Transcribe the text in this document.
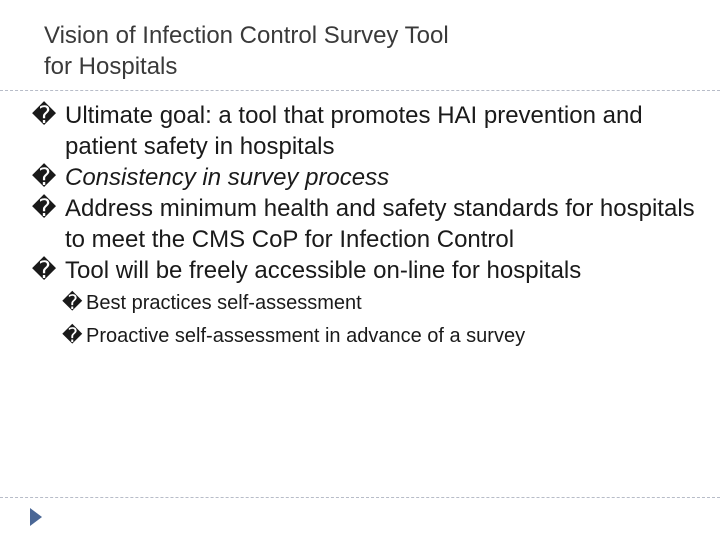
Vision of Infection Control Survey Tool
for Hospitals
� Ultimate goal: a tool that promotes HAI prevention and patient safety in hospitals
� Consistency in survey process
� Address minimum health and safety standards for hospitals to meet the CMS CoP for Infection Control
� Tool will be freely accessible on-line for hospitals
� Best practices self-assessment
� Proactive self-assessment in advance of a survey
